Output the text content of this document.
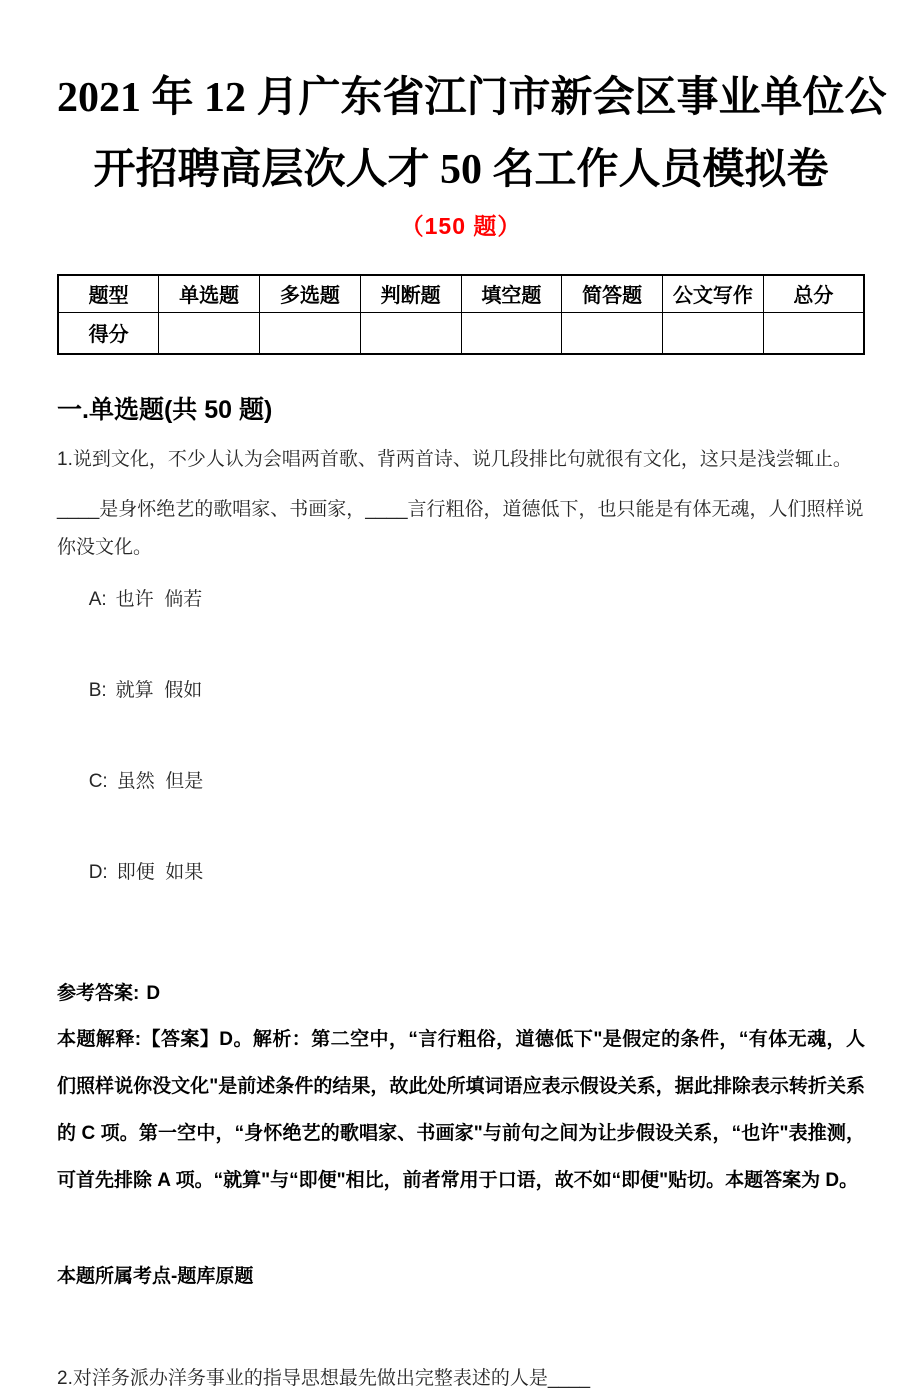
2021 年 12 月广东省江门市新会区事业单位公
开招聘高层次人才 50 名工作人员模拟卷
（150 题）
题型	单选题	多选题	判断题	填空题	简答题	公文写作	总分
得分							
一.单选题(共 50 题)

1.说到文化，不少人认为会唱两首歌、背两首诗、说几段排比句就很有文化，这只是浅尝辄止。

____是身怀绝艺的歌唱家、书画家，____言行粗俗，道德低下，也只能是有体无魂，人们照样说你没文化。

A: 也许  倘若

B: 就算  假如

C: 虽然  但是

D: 即便  如果

参考答案: D

本题解释:【答案】D。解析：第二空中，“言行粗俗，道德低下"是假定的条件，“有体无魂，人们照样说你没文化"是前述条件的结果，故此处所填词语应表示假设关系，据此排除表示转折关系的 C 项。第一空中，“身怀绝艺的歌唱家、书画家"与前句之间为让步假设关系，“也许"表推测，可首先排除 A 项。“就算"与“即便"相比，前者常用于口语，故不如“即便"贴切。本题答案为 D。

本题所属考点-题库原题

2.对洋务派办洋务事业的指导思想最先做出完整表述的人是____
